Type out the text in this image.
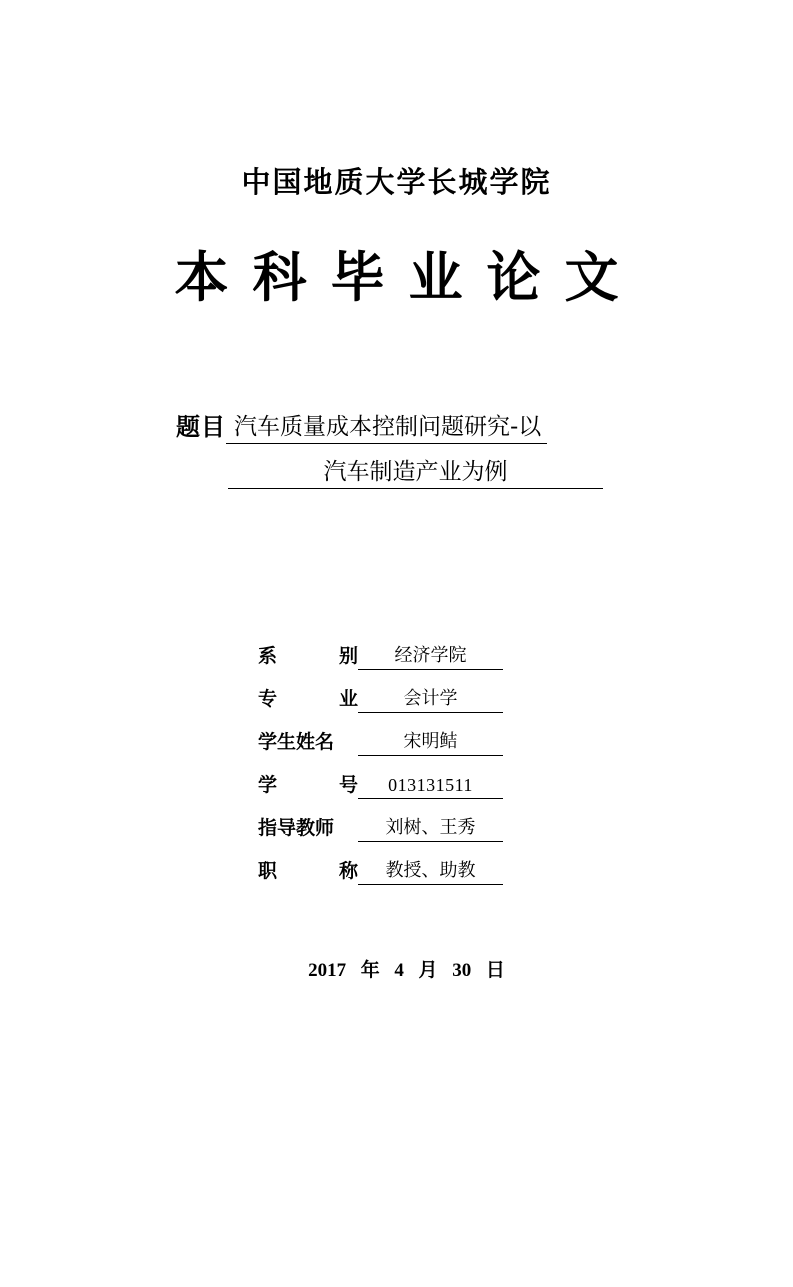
中国地质大学长城学院
本科毕业论文
题目 汽车质量成本控制问题研究-以
汽车制造产业为例
系	别	经济学院
专	业	会计学
学生姓名	宋明鲒
学	号	013131511
指导教师	刘树、王秀
职	称	教授、助教
2017 年 4 月 30 日
